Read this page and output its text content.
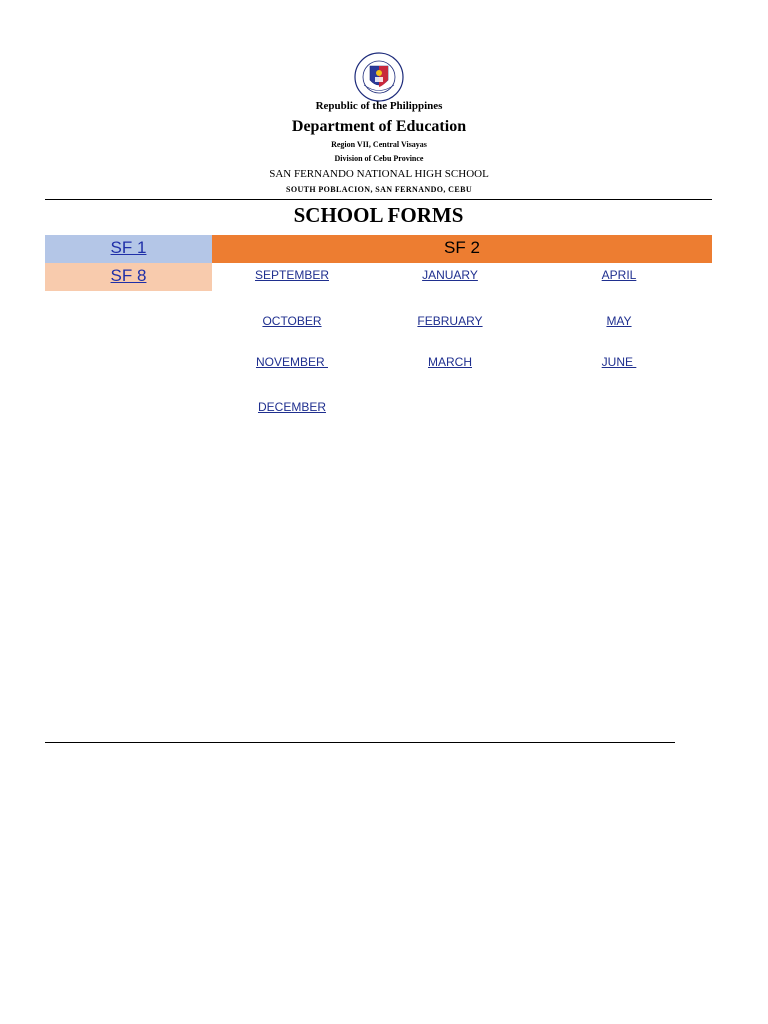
Republic of the Philippines
Department of Education
Region VII, Central Visayas
Division of Cebu Province
SAN FERNANDO NATIONAL HIGH SCHOOL
SOUTH POBLACION, SAN FERNANDO, CEBU
SCHOOL FORMS
SF 1
SF 8
SF 2
SEPTEMBER
OCTOBER
NOVEMBER
DECEMBER
JANUARY
FEBRUARY
MARCH
APRIL
MAY
JUNE
